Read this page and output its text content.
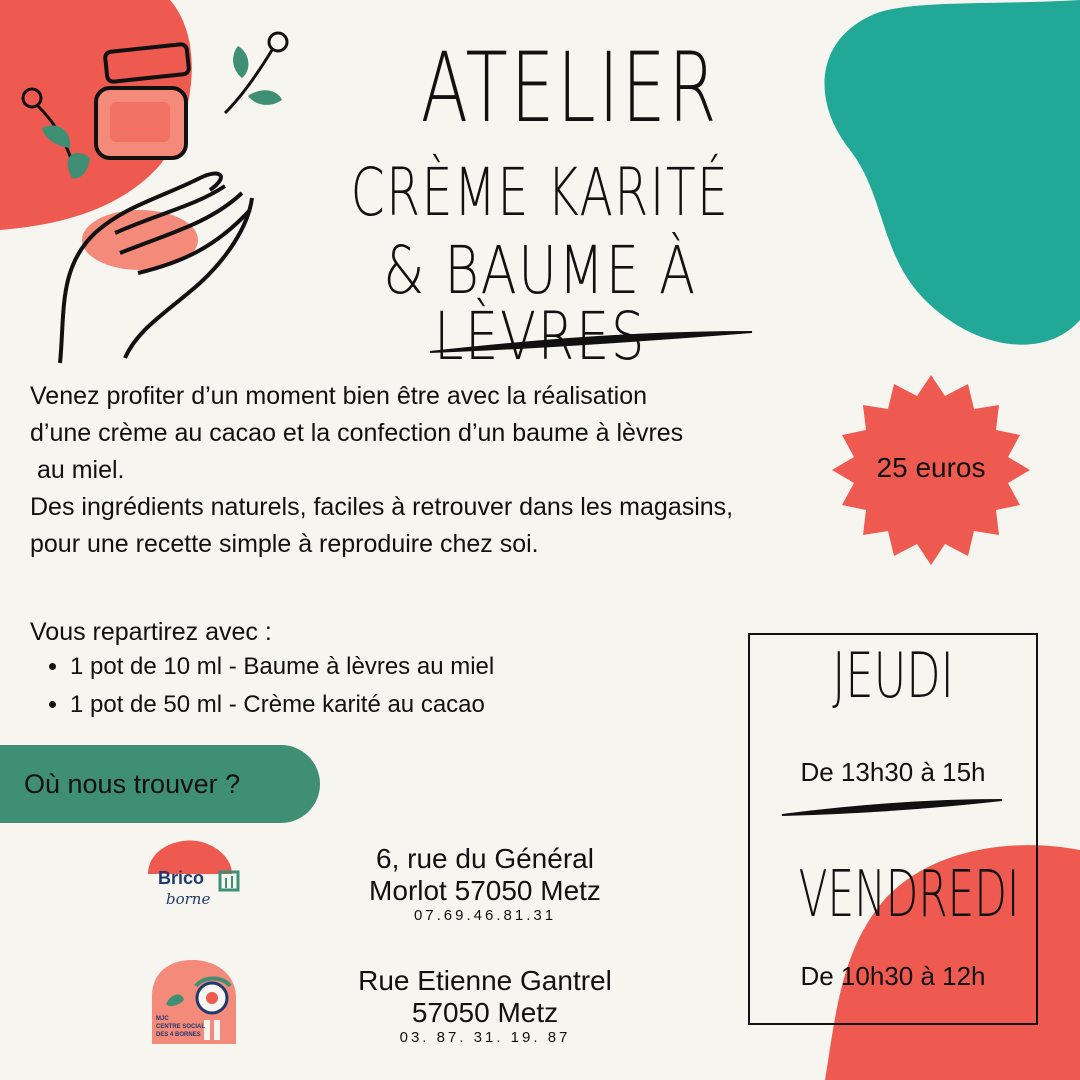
ATELIER
CRÈME KARITÉ
& BAUME À LÈVRES

Venez profiter d’un moment bien être avec la réalisation

d’une crème au cacao et la confection d’un baume à lèvres

au miel.

Des ingrédients naturels, faciles à retrouver dans les magasins,

pour une recette simple à reproduire chez soi.

25 euros
Vous repartirez avec :
• 1 pot de 10 ml - Baume à lèvres au miel
• 1 pot de 50 ml - Crème karité au cacao
Où nous trouver ?
Brico
borne
6, rue du Général
Morlot 57050 Metz
07.69.46.81.31
MJC
CENTRE SOCIAL
DES 4 BORNES
Rue Etienne Gantrel
57050 Metz
03. 87. 31. 19. 87
JEUDI
De 13h30 à 15h
VENDREDI
De 10h30 à 12h
